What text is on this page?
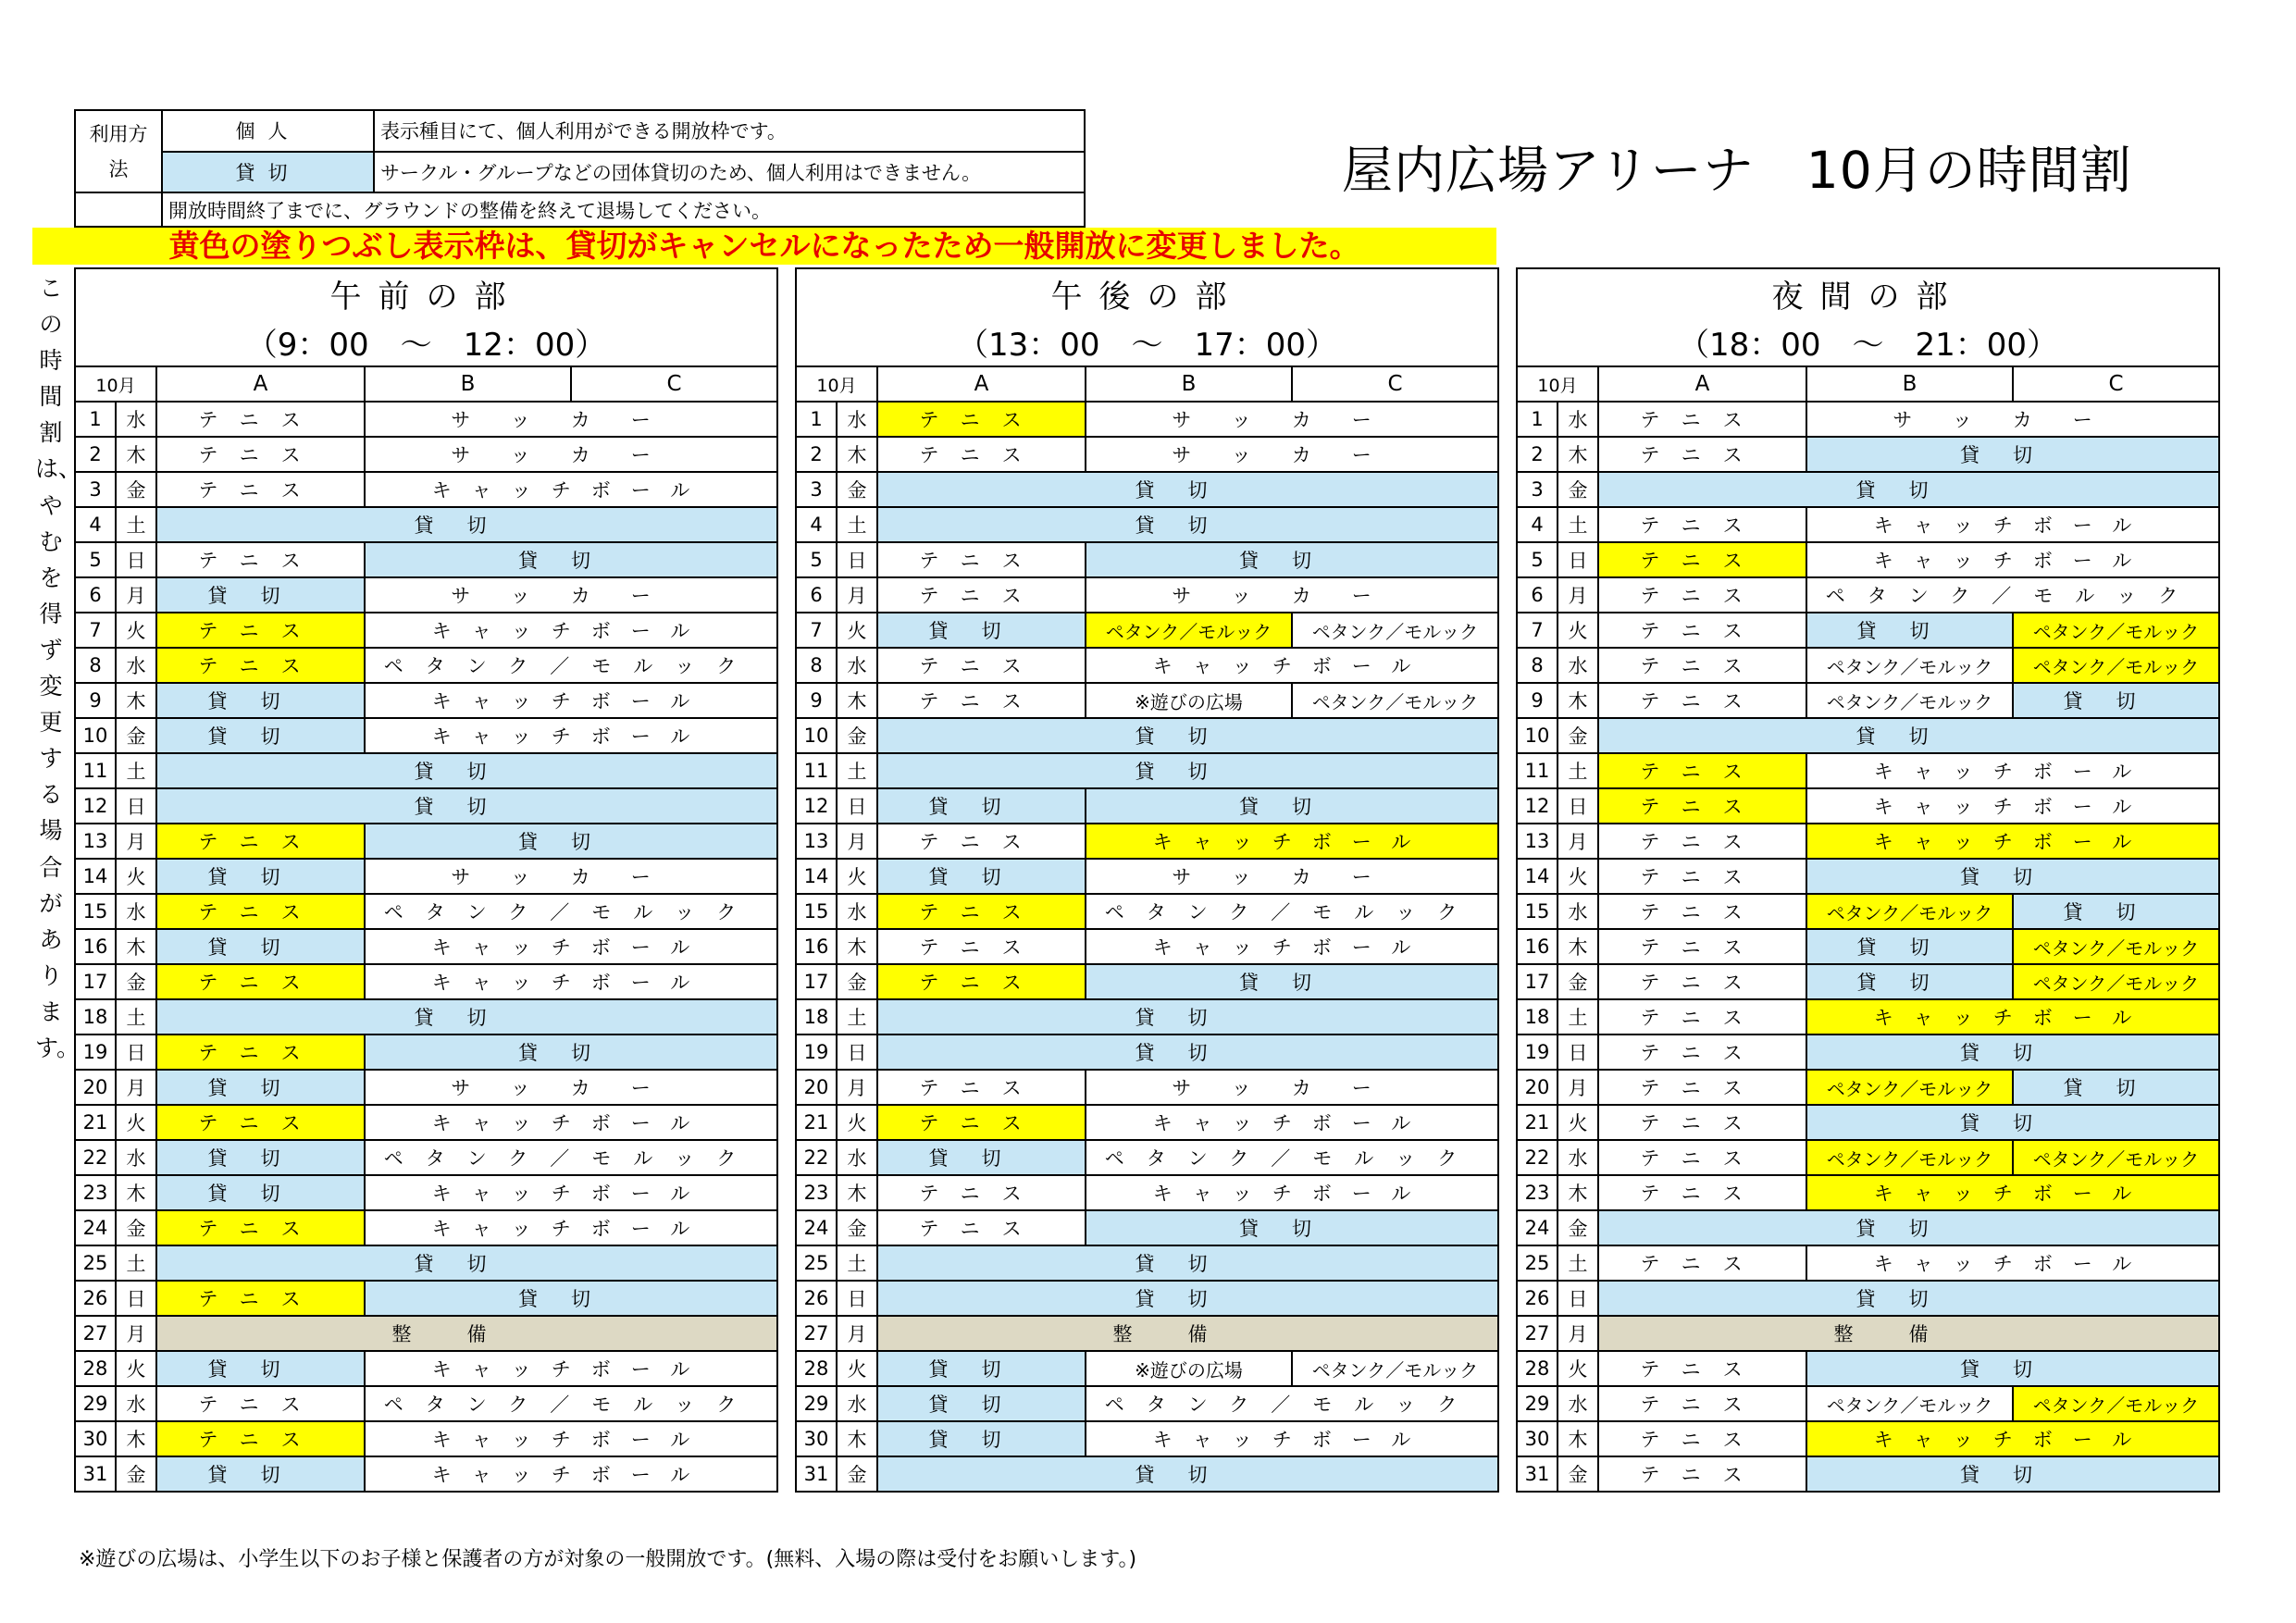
利用方法	個人	表示種目にて、個人利用ができる開放枠です。
	貸切	サークル・グループなどの団体貸切のため、個人利用はできません。
	開放時間終了までに、グラウンドの整備を終えて退場してください。	
屋内広場アリーナ　10月の時間割
黄色の塗りつぶし表示枠は、貸切がキャンセルになったため一般開放に変更しました。
この時間割は、やむを得ず変更する場合があります。
午前の部				
（9：00　～　12：00）				
10月		A	B	C
1	水	テニス	サッカー	
2	木	テニス	サッカー	
3	金	テニス	キャッチボール	
4	土	貸切		
5	日	テニス	貸切	
6	月	貸切	サッカー	
7	火	テニス	キャッチボール	
8	水	テニス	ペタンク／モルック	
9	木	貸切	キャッチボール	
10	金	貸切	キャッチボール	
11	土	貸切		
12	日	貸切		
13	月	テニス	貸切	
14	火	貸切	サッカー	
15	水	テニス	ペタンク／モルック	
16	木	貸切	キャッチボール	
17	金	テニス	キャッチボール	
18	土	貸切		
19	日	テニス	貸切	
20	月	貸切	サッカー	
21	火	テニス	キャッチボール	
22	水	貸切	ペタンク／モルック	
23	木	貸切	キャッチボール	
24	金	テニス	キャッチボール	
25	土	貸切		
26	日	テニス	貸切	
27	月	整備		
28	火	貸切	キャッチボール	
29	水	テニス	ペタンク／モルック	
30	木	テニス	キャッチボール	
31	金	貸切	キャッチボール	
午後の部				
（13：00　～　17：00）				
10月		A	B	C
1	水	テニス	サッカー	
2	木	テニス	サッカー	
3	金	貸切		
4	土	貸切		
5	日	テニス	貸切	
6	月	テニス	サッカー	
7	火	貸切	ペタンク／モルック	ペタンク／モルック
8	水	テニス	キャッチボール	
9	木	テニス	※遊びの広場	ペタンク／モルック
10	金	貸切		
11	土	貸切		
12	日	貸切	貸切	
13	月	テニス	キャッチボール	
14	火	貸切	サッカー	
15	水	テニス	ペタンク／モルック	
16	木	テニス	キャッチボール	
17	金	テニス	貸切	
18	土	貸切		
19	日	貸切		
20	月	テニス	サッカー	
21	火	テニス	キャッチボール	
22	水	貸切	ペタンク／モルック	
23	木	テニス	キャッチボール	
24	金	テニス	貸切	
25	土	貸切		
26	日	貸切		
27	月	整備		
28	火	貸切	※遊びの広場	ペタンク／モルック
29	水	貸切	ペタンク／モルック	
30	木	貸切	キャッチボール	
31	金	貸切		
夜間の部				
（18：00　～　21：00）				
10月		A	B	C
1	水	テニス	サッカー	
2	木	テニス	貸切	
3	金	貸切		
4	土	テニス	キャッチボール	
5	日	テニス	キャッチボール	
6	月	テニス	ペタンク／モルック	
7	火	テニス	貸切	ペタンク／モルック
8	水	テニス	ペタンク／モルック	ペタンク／モルック
9	木	テニス	ペタンク／モルック	貸切
10	金	貸切		
11	土	テニス	キャッチボール	
12	日	テニス	キャッチボール	
13	月	テニス	キャッチボール	
14	火	テニス	貸切	
15	水	テニス	ペタンク／モルック	貸切
16	木	テニス	貸切	ペタンク／モルック
17	金	テニス	貸切	ペタンク／モルック
18	土	テニス	キャッチボール	
19	日	テニス	貸切	
20	月	テニス	ペタンク／モルック	貸切
21	火	テニス	貸切	
22	水	テニス	ペタンク／モルック	ペタンク／モルック
23	木	テニス	キャッチボール	
24	金	貸切		
25	土	テニス	キャッチボール	
26	日	貸切		
27	月	整備		
28	火	テニス	貸切	
29	水	テニス	ペタンク／モルック	ペタンク／モルック
30	木	テニス	キャッチボール	
31	金	テニス	貸切	
※遊びの広場は、小学生以下のお子様と保護者の方が対象の一般開放です。(無料、入場の際は受付をお願いします。)
